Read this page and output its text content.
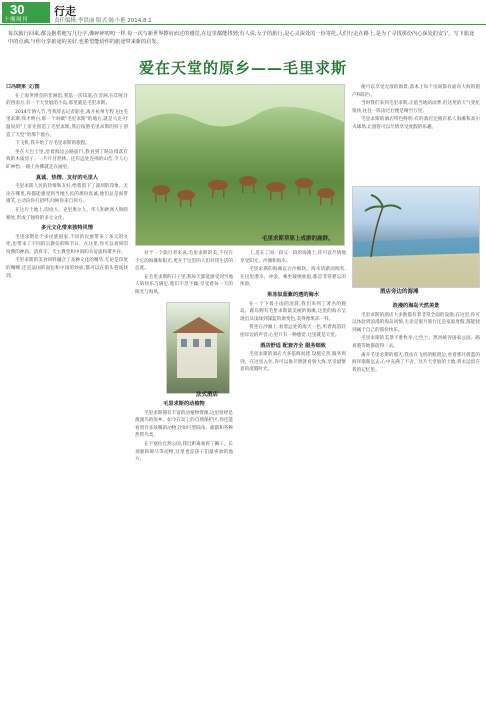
30
十堰周刊
行走
责任编辑:李洪丽 版式:陈小艳 2014.8.1
每次旅行回来,都会抱着地写几行字,像碎碎叨叨一样,每一次与新世界擦肩而过的感觉,在这里都能找到;有人说,女子的旅行,是心灵深处的一份寄托,人们行走在路上,是为了寻找那份内心深处的安宁。写下旅途中的点滴,与你分享旅途的美好,也希望能给你的旅途带来新的启发。
爱在天堂的原乡——毛里求斯

口冯晓果 文/图

在上海世博会的非洲馆,我第一次知道,在非洲,在印度洋的西南方,有一个天堂般的小岛,那里就是毛里求斯。

2014年情人节,当我辞去记者职业,离开杭州专程飞往毛里求斯,我才明白,那一个叫做"毛里求斯"的地方,就是马克·吐温说的"上帝先创造了毛里求斯,然后按照毛里求斯的样子创造了天堂"的那个地方。

下飞机,我开始了在毛里求斯的旅程。

坐在大巴士里,沿着海边公路前行,我看到了路边错落有致的木质房子、一片片甘蔗林、还有远处连绵的山峦,令人心旷神怡,一路上仿佛就走在画里。

真诚、热情、友好的毛里人

毛里求斯人民的热情和友好,给我留下了深刻的印象。无论在哪里,你都能感受到当地人民的那份真诚,他们总是面带微笑,主动向你打招呼,问候你来自何方。

在这片土地上,印度人、克里奥尔人、华人和欧洲人和睦相处,形成了独特的多元文化。

多元文化带来独特风情

毛里求斯是个多民族国家,不同的民族带来了多元的文化,也带来了不同的宗教信仰和节日。在这里,你可以看到印度教的神庙、清真寺、天主教堂和中国的关帝庙和谐共存。

毛里求斯的美食同样融合了多种文化的精华,无论是印度的咖喱,还是法国的面包和中国的炒面,都可以在街头巷尾找到。

对于一个旅行者来说,毛里求斯的美,不仅在于它的海滩和阳光,更在于这里的人们对待生活的态度。

在毛里求斯的日子里,我每天都能感受到当地人的快乐与满足,他们不急不躁,享受着每一天的阳光与海风。

毛里求斯的动植物

毛里求斯拥有丰富的动植物资源,这里曾经是渡渡鸟的故乡。如今在岛上的自然保护区,你还能看到许多珍稀的动物,比如巨型陆龟、鹿群和各种热带鸟类。

在卡塞拉自然公园,我近距离观看了狮子、长颈鹿和斑马等动物,这里也是孩子们最喜欢的地方。

上,选在了国一段又一段的海滩上,你可以尽情地享受阳光、沙滩和海水。

毛里求斯的海滩以白沙细软、海水清澈而闻名,在这里潜水、冲浪、乘坐玻璃底船,都是非常难忘的体验。

果冻似蓝紫的透的海水

在一个下着小雨的清晨,我们来到了著名的鹿岛。鹿岛拥有毛里求斯最美丽的海滩,这里的海水呈现出从浅绿到深蓝的渐变色,美得像果冻一样。

我坐在沙滩上,看着远处的海天一色,听着海浪轻拍岸边的声音,心里只有一种感觉:这里就是天堂。

酒店舒适 配套齐全 服务细致

毛里求斯的酒店大多依海而建,设施完善,服务周到。在这里入住,你可以推开窗就看到大海,享受最惬意的度假时光。

便可以享受无敌的海景,落本上每个房间都有面向大海的窗户和阳台。

当时我们来到毛里求斯,正值当地的雨季,但这里的天气变化很快,往往一阵雨过后便是晴空万里。

毛里求斯的酒店特色鲜明,有的酒店还拥有私人海滩和高尔夫球场,让游客可以尽情享受度假的乐趣。

浪漫的海岛天然美景

毛里求斯的酒店大多数都有着非常全面的设施,在这里,你可以体验到浪漫的海岛风情,无论是蜜月旅行还是家庭度假,都能找到属于自己的那份快乐。

毛里求斯的美景不胜枚举,七色土、黑河峡谷国家公园、路易港等地都值得一去。

离开毛里求斯的那天,我站在飞机的舷窗边,看着那片蔚蓝的海洋渐渐远去,心中充满了不舍。这片天堂般的土地,将永远留在我的记忆里。

毛里求斯草原上成群的鹿群。
法式酒店
酒店旁边的海滩
